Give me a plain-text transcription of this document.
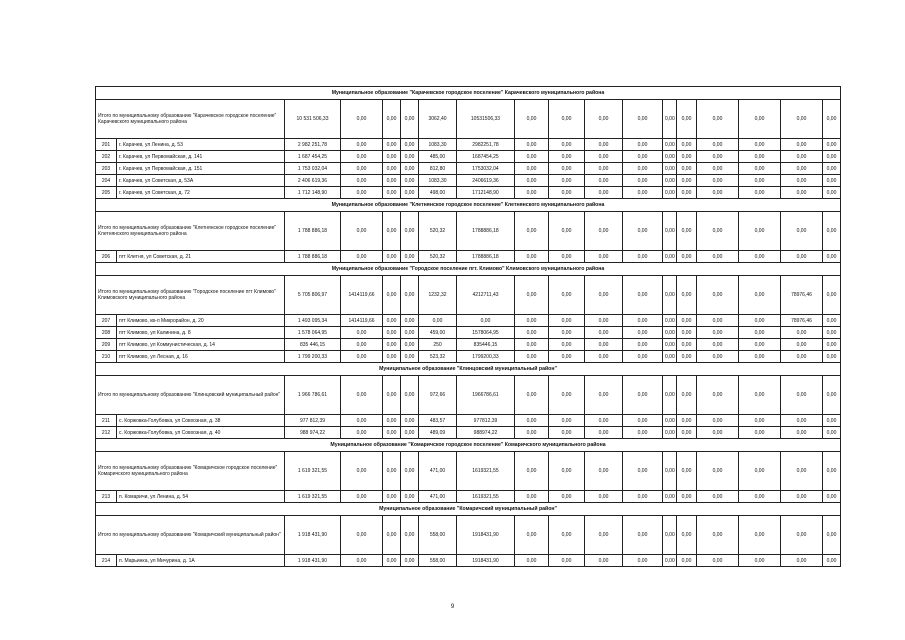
Муниципальное образование "Карачевское городское поселение" Карачевского муниципального района																	
Итого по муниципальному образованию "Карачевское городское поселение" Карачевского муниципального района		10 531 506,33	0,00	0,00	0,00	3062,40	10531506,33	0,00	0,00	0,00	0,00	0,00	0,00	0,00	0,00	0,00	0,00
201	г. Карачев, ул Ленина, д. 53	2 982 251,78	0,00	0,00	0,00	1083,30	2982251,78	0,00	0,00	0,00	0,00	0,00	0,00	0,00	0,00	0,00	0,00
202	г. Карачев, ул Первомайская, д. 141	1 687 454,25	0,00	0,00	0,00	485,00	1687454,25	0,00	0,00	0,00	0,00	0,00	0,00	0,00	0,00	0,00	0,00
203	г. Карачев, ул Первомайская, д. 151	1 753 032,04	0,00	0,00	0,00	812,80	1753032,04	0,00	0,00	0,00	0,00	0,00	0,00	0,00	0,00	0,00	0,00
204	г. Карачев, ул Советская, д. 53А	2 406 619,36	0,00	0,00	0,00	1083,30	2406619,36	0,00	0,00	0,00	0,00	0,00	0,00	0,00	0,00	0,00	0,00
205	г. Карачев, ул Советская, д. 72	1 712 148,90	0,00	0,00	0,00	498,00	1712148,90	0,00	0,00	0,00	0,00	0,00	0,00	0,00	0,00	0,00	0,00
Муниципальное образование "Клетнянское городское поселение" Клетнянского муниципального района																	
Итого по муниципальному образованию "Клетнянское городское поселение" Клетнянского муниципального района		1 788 886,18	0,00	0,00	0,00	520,32	1788886,18	0,00	0,00	0,00	0,00	0,00	0,00	0,00	0,00	0,00	0,00
206	пгт Клетня, ул Советская, д. 21	1 788 886,18	0,00	0,00	0,00	520,32	1788886,18	0,00	0,00	0,00	0,00	0,00	0,00	0,00	0,00	0,00	0,00
Муниципальное образование "Городское поселение пгт. Климово" Климовского муниципального района																	
Итого по муниципальному образованию "Городское поселение пгт Климово" Климовского муниципального района		5 705 806,97	1414119,66	0,00	0,00	1232,32	4212711,43	0,00	0,00	0,00	0,00	0,00	0,00	0,00	0,00	78976,46	0,00
207	пгт Климово, кв-л Микрорайон, д. 20	1 493 095,34	1414119,66	0,00	0,00	0,00	0,00	0,00	0,00	0,00	0,00	0,00	0,00	0,00	0,00	78976,46	0,00
208	пгт Климово, ул Калинина, д. 8	1 578 064,95	0,00	0,00	0,00	459,00	1578064,95	0,00	0,00	0,00	0,00	0,00	0,00	0,00	0,00	0,00	0,00
209	пгт Климово, ул Коммунистическая, д. 14	835 446,15	0,00	0,00	0,00	250	835446,15	0,00	0,00	0,00	0,00	0,00	0,00	0,00	0,00	0,00	0,00
210	пгт Климово, ул Лесная, д. 16	1 799 200,33	0,00	0,00	0,00	523,32	1799200,33	0,00	0,00	0,00	0,00	0,00	0,00	0,00	0,00	0,00	0,00
Муниципальное образование "Клинцовский муниципальный район"																	
Итого по муниципальному образованию "Клинцовский муниципальный район"		1 966 786,61	0,00	0,00	0,00	972,66	1966786,61	0,00	0,00	0,00	0,00	0,00	0,00	0,00	0,00	0,00	0,00
211	с. Коржовка-Голубовка, ул Совхозная, д. 38	977 812,39	0,00	0,00	0,00	483,57	977812,39	0,00	0,00	0,00	0,00	0,00	0,00	0,00	0,00	0,00	0,00
212	с. Коржовка-Голубовка, ул Совхозная, д. 40	988 974,22	0,00	0,00	0,00	489,09	988974,22	0,00	0,00	0,00	0,00	0,00	0,00	0,00	0,00	0,00	0,00
Муниципальное образование "Комаричское городское поселение" Комаричского муниципального района																	
Итого по муниципальному образованию "Комаричское городское поселение" Комаричского муниципального района		1 619 321,55	0,00	0,00	0,00	471,00	1619321,55	0,00	0,00	0,00	0,00	0,00	0,00	0,00	0,00	0,00	0,00
213	п. Комаричи, ул Ленина, д. 54	1 619 321,55	0,00	0,00	0,00	471,00	1619321,55	0,00	0,00	0,00	0,00	0,00	0,00	0,00	0,00	0,00	0,00
Муниципальное образование "Комаричский муниципальный район"																	
Итого по муниципальному образованию "Комаричский муниципальный район"		1 918 431,90	0,00	0,00	0,00	558,00	1918431,90	0,00	0,00	0,00	0,00	0,00	0,00	0,00	0,00	0,00	0,00
214	п. Марьинка, ул Мичурина, д. 1А	1 918 431,90	0,00	0,00	0,00	558,00	1918431,90	0,00	0,00	0,00	0,00	0,00	0,00	0,00	0,00	0,00	0,00
9
